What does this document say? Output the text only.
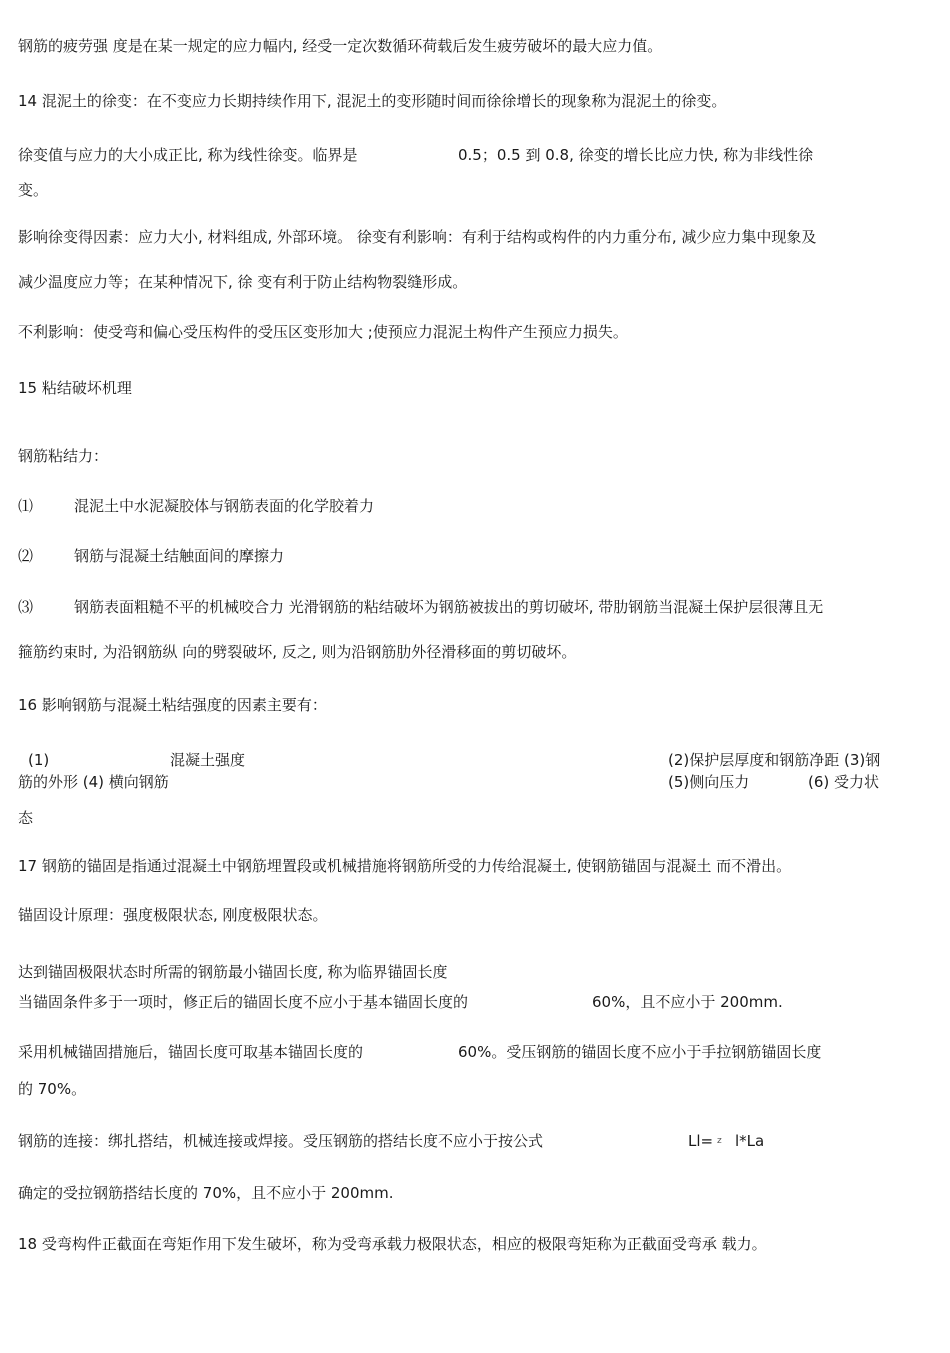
钢筋的疲劳强 度是在某一规定的应力幅内, 经受一定次数循环荷载后发生疲劳破坏的最大应力值。
14 混泥土的徐变：在不变应力长期持续作用下, 混泥土的变形随时间而徐徐增长的现象称为混泥土的徐变。
徐变值与应力的大小成正比, 称为线性徐变。临界是	0.5；0.5 到 0.8, 徐变的增长比应力快, 称为非线性徐
变。
影响徐变得因素：应力大小, 材料组成, 外部环境。 徐变有利影响：有利于结构或构件的内力重分布, 减少应力集中现象及
减少温度应力等；在某种情况下, 徐 变有利于防止结构物裂缝形成。
不利影响：使受弯和偏心受压构件的受压区变形加大 ;使预应力混泥土构件产生预应力损失。
15 粘结破坏机理
钢筋粘结力：
⑴	混泥土中水泥凝胶体与钢筋表面的化学胶着力
⑵	钢筋与混凝土结触面间的摩擦力
⑶	钢筋表面粗糙不平的机械咬合力 光滑钢筋的粘结破坏为钢筋被拔出的剪切破坏, 带肋钢筋当混凝土保护层很薄且无
箍筋约束时, 为沿钢筋纵 向的劈裂破坏, 反之, 则为沿钢筋肋外径滑移面的剪切破坏。
16 影响钢筋与混凝土粘结强度的因素主要有：
(1)	混凝土强度	(2)保护层厚度和钢筋净距 (3)钢
筋的外形 (4) 横向钢筋	(5)侧向压力	(6) 受力状
态
17 钢筋的锚固是指通过混凝土中钢筋埋置段或机械措施将钢筋所受的力传给混凝土, 使钢筋锚固与混凝土 而不滑出。
锚固设计原理：强度极限状态, 刚度极限状态。
达到锚固极限状态时所需的钢筋最小锚固长度, 称为临界锚固长度
当锚固条件多于一项时，修正后的锚固长度不应小于基本锚固长度的	60%，且不应小于 200mm.
采用机械锚固措施后，锚固长度可取基本锚固长度的	60%。受压钢筋的锚固长度不应小于手拉钢筋锚固长度
的 70%。
钢筋的连接：绑扎搭结，机械连接或焊接。受压钢筋的搭结长度不应小于按公式	Ll= z l*La
确定的受拉钢筋搭结长度的 70%，且不应小于 200mm.
18 受弯构件正截面在弯矩作用下发生破坏，称为受弯承载力极限状态，相应的极限弯矩称为正截面受弯承 载力。
